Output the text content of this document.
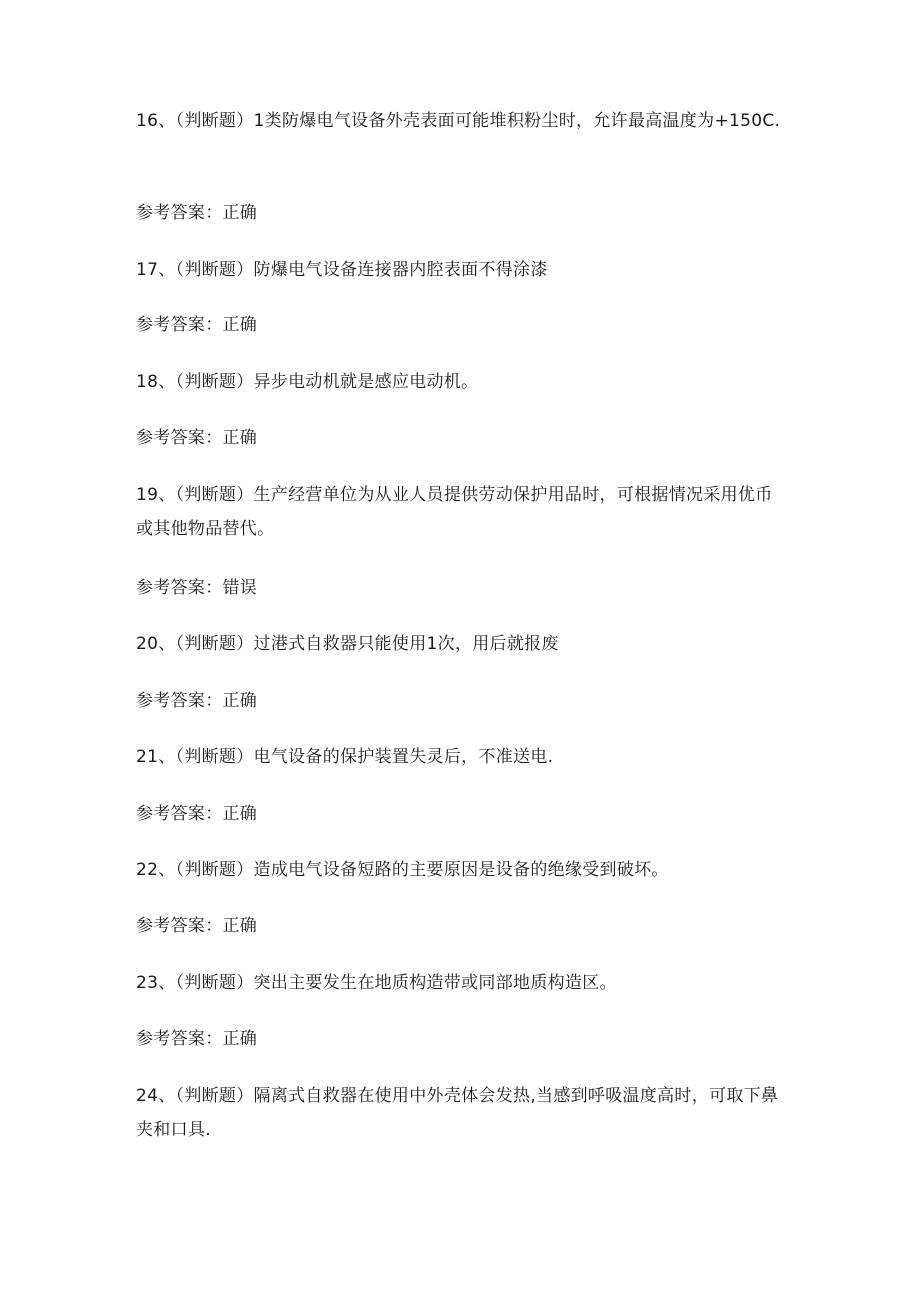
16、（判断题）1类防爆电气设备外壳表面可能堆积粉尘时，允许最高温度为+150C.

参考答案：正确

17、（判断题）防爆电气设备连接器内腔表面不得涂漆

参考答案：正确

18、（判断题）异步电动机就是感应电动机。

参考答案：正确

19、（判断题）生产经营单位为从业人员提供劳动保护用品时，可根据情况采用优币或其他物品替代。

参考答案：错误

20、（判断题）过港式自救器只能使用1次，用后就报废

参考答案：正确

21、（判断题）电气设备的保护装置失灵后，不准送电.

参考答案：正确

22、（判断题）造成电气设备短路的主要原因是设备的绝缘受到破坏。

参考答案：正确

23、（判断题）突出主要发生在地质构造带或同部地质构造区。

参考答案：正确

24、（判断题）隔离式自救器在使用中外壳体会发热,当感到呼吸温度高时，可取下鼻夹和口具.
